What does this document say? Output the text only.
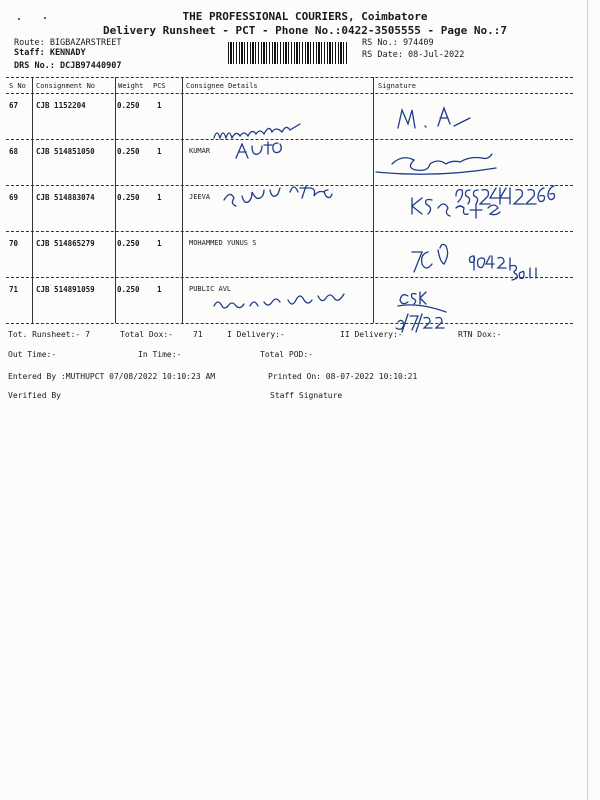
THE PROFESSIONAL COURIERS, Coimbatore
Delivery Runsheet - PCT - Phone No.:0422-3505555 - Page No.:7
Route: BIGBAZARSTREET
Staff: KENNADY
DRS No.: DCJB97440907
RS No.: 974409
RS Date: 08-Jul-2022
S No Consignment No	Weight PCS	Consignee Details	Signature
67 CJB 1152204	0.250 1
68 CJB 514851050	0.250 1	KUMAR
69 CJB 514883074	0.250 1	JEEVA
70 CJB 514865279	0.250 1	MOHAMMED YUNUS S
71 CJB 514891059	0.250 1	PUBLIC AVL
Tot. Runsheet:- 7	Total Dox:-	71	I Delivery:-	II Delivery:-	RTN Dox:-
Out Time:-	In Time:-	Total POD:-
Entered By :MUTHUPCT 07/08/2022 10:10:23 AM	Printed On: 08-07-2022 10:10:21
Verified By	Staff Signature
